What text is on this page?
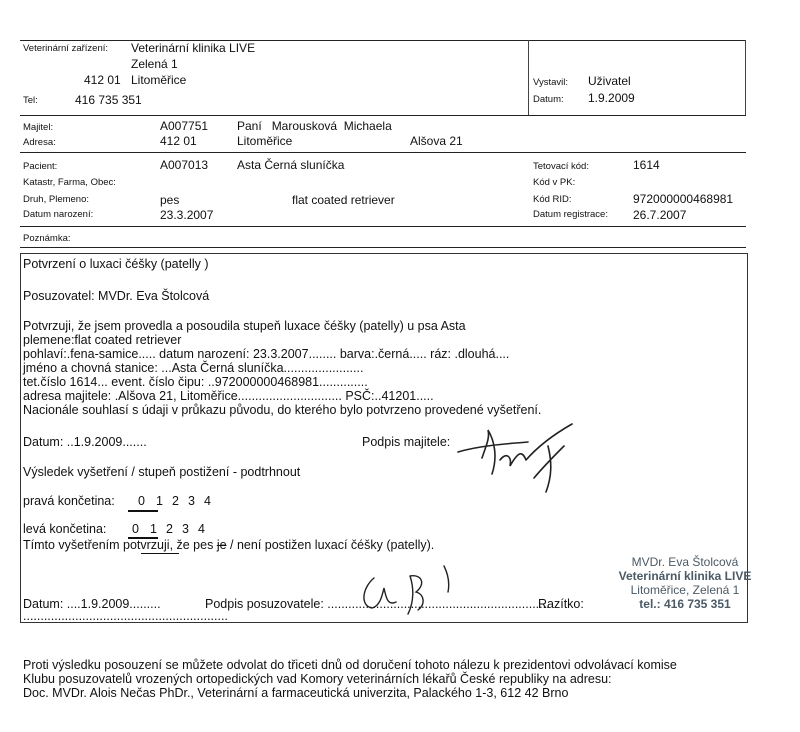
Veterinární zařízení: Veterinární klinika LIVE
Zelená 1
412 01 Litoměřice
Tel:	416 735 351
Vystavil: Uživatel
Datum: 1.9.2009
Majitel:	A007751 Paní   Marousková  Michaela
Adresa:	412 01	Litoměřice	Alšova 21
Pacient:	A007013 Asta Černá sluníčka
Katastr, Farma, Obec:
Druh, Plemeno:	pes	flat coated retriever
Datum narození:	23.3.2007
Tetovací kód:	1614
Kód v PK:
Kód RID:	972000000468981
Datum registrace: 26.7.2007
Poznámka:
Potvrzení o luxaci čéšky (patelly )
Posuzovatel: MVDr. Eva Štolcová
Potvrzuji, že jsem provedla a posoudila stupeň luxace čéšky (patelly) u psa Asta
plemene:flat coated retriever
pohlaví:.fena-samice..... datum narození: 23.3.2007........ barva:.černá..... ráz: .dlouhá....
jméno a chovná stanice: ...Asta Černá sluníčka.......................
tet.číslo 1614... event. číslo čipu: ..972000000468981..............
adresa majitele: .Alšova 21, Litoměřice.............................. PSČ:..41201.....
Nacionále souhlasí s údaji v průkazu původu, do kterého bylo potvrzeno provedené vyšetření.
Datum: ..1.9.2009.......	Podpis majitele:
Výsledek vyšetření / stupeň postižení - podtrhnout
pravá končetina: 0 1 2 3 4
levá končetina: 0 1 2 3 4
Tímto vyšetřením potvrzuji, že pes je / není postižen luxací čéšky (patelly).
MVDr. Eva Štolcová
Veterinární klinika LIVE
Litoměřice, Zelená 1
tel.: 416 735 351
Datum: ....1.9.2009.........	Podpis posuzovatele: ................................................................
Razítko:
...........................................................
Proti výsledku posouzení se můžete odvolat do třiceti dnů od doručení tohoto nálezu k prezidentovi odvolávací komise
Klubu posuzovatelů vrozených ortopedických vad Komory veterinárních lékařů České republiky na adresu:
Doc. MVDr. Alois Nečas PhDr., Veterinární a farmaceutická univerzita, Palackého 1-3, 612 42 Brno
